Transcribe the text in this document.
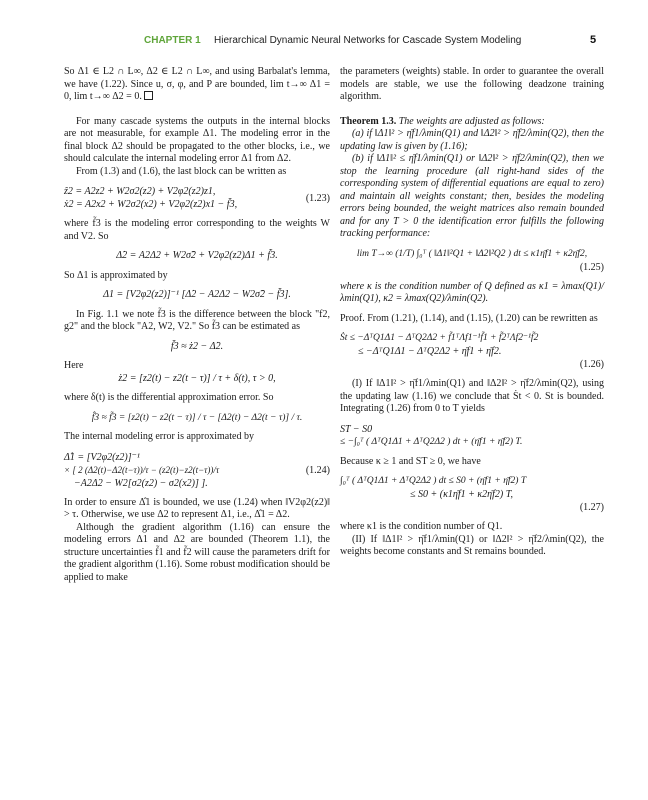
CHAPTER 1 Hierarchical Dynamic Neural Networks for Cascade System Modeling	5

So Δ1 ∈ L2 ∩ L∞, Δ2 ∈ L2 ∩ L∞, and using Barbalat's lemma, we have (1.22). Since u, σ, φ, and P are bounded, lim t→∞ Δ1 = 0, lim t→∞ Δ2 = 0.

For many cascade systems the outputs in the internal blocks are not measurable, for example Δ1. The modeling error in the final block Δ2 should be propagated to the other blocks, i.e., we should calculate the internal modeling error Δ1 from Δ2.

From (1.3) and (1.6), the last block can be written as

ẑ2 = A2z2 + W2σ2(z2) + V2φ2(z2)z1,
ẋ2 = A2x2 + W2σ2(x2) + V2φ2(z2)x1 − f̃3,
(1.23)

where f̃3 is the modeling error corresponding to the weights W and V2. So

Δ̇2 = A2Δ2 + W2σ̃2 + V2φ2(z2)Δ1 + f̃3.

So Δ1 is approximated by

Δ1 = [V2φ2(z2)]⁻¹ [Δ̇2 − A2Δ2 − W2σ̃2 − f̃3].

In Fig. 1.1 we note f̃3 is the difference between the block "f2, g2" and the block "A2, W2, V2." So f̃3 can be estimated as

f̃3 ≈ ż2 − Δ̇2.

Here

ż2 = [z2(t) − z2(t − τ)] / τ + δ(t), τ > 0,

where δ(t) is the differential approximation error. So

f̂3 ≈ f̃3 = [z2(t) − z2(t − τ)] / τ − [Δ2(t) − Δ2(t − τ)] / τ.

The internal modeling error is approximated by

Δ̂1 = [V2φ2(z2)]⁻¹
× [ 2 (Δ2(t)−Δ2(t−τ))/τ − (z2(t)−z2(t−τ))/τ
−A2Δ2 − W2[σ2(z2) − σ2(x2)] ].
(1.24)

In order to ensure Δ̂1 is bounded, we use (1.24) when ‖V2φ2(z2)‖ > τ. Otherwise, we use Δ2 to represent Δ1, i.e., Δ̂1 = Δ2.

Although the gradient algorithm (1.16) can ensure the modeling errors Δ1 and Δ2 are bounded (Theorem 1.1), the structure uncertainties f̃1 and f̃2 will cause the parameters drift for the gradient algorithm (1.16). Some robust modification should be applied to make

the parameters (weights) stable. In order to guarantee the overall models are stable, we use the following deadzone training algorithm.

Theorem 1.3. The weights are adjusted as follows:

(a) if ‖Δ1‖² > η̄f1/λmin(Q1) and ‖Δ2‖² > η̄f2/λmin(Q2), then the updating law is given by (1.16);

(b) if ‖Δ1‖² ≤ η̄f1/λmin(Q1) or ‖Δ2‖² > η̄f2/λmin(Q2), then we stop the learning procedure (all right-hand sides of the corresponding system of differential equations are equal to zero) and maintain all weights constant; then, besides the modeling errors being bounded, the weight matrices also remain bounded and for any T > 0 the identification error fulfills the following tracking performance:

lim T→∞ (1/T) ∫₀ᵀ ( ‖Δ1‖²Q1 + ‖Δ2‖²Q2 ) dt ≤ κ1η̄f1 + κ2η̄f2,
(1.25)

where κ is the condition number of Q defined as κ1 = λmax(Q1)/λmin(Q1), κ2 = λmax(Q2)/λmin(Q2).

Proof. From (1.21), (1.14), and (1.15), (1.20) can be rewritten as

Ṡt ≤ −ΔᵀQ1Δ1 − ΔᵀQ2Δ2 + f̃1ᵀΛf1⁻¹f̃1 + f̃2ᵀΛf2⁻¹f̃2
≤ −ΔᵀQ1Δ1 − ΔᵀQ2Δ2 + η̄f1 + η̄f2.
(1.26)

(I) If ‖Δ1‖² > η̄f1/λmin(Q1) and ‖Δ2‖² > η̄f2/λmin(Q2), using the updating law (1.16) we conclude that Ṡt < 0. St is bounded. Integrating (1.26) from 0 to T yields

ST − S0
≤ −∫₀ᵀ ( ΔᵀQ1Δ1 + ΔᵀQ2Δ2 ) dt + (η̄f1 + η̄f2) T.

Because κ ≥ 1 and ST ≥ 0, we have

∫₀ᵀ ( ΔᵀQ1Δ1 + ΔᵀQ2Δ2 ) dt ≤ S0 + (η̄f1 + η̄f2) T
≤ S0 + (κ1η̄f1 + κ2η̄f2) T,
(1.27)

where κ1 is the condition number of Q1.

(II) If ‖Δ1‖² > η̄f1/λmin(Q1) or ‖Δ2‖² > η̄f2/λmin(Q2), the weights become constants and St remains bounded.
